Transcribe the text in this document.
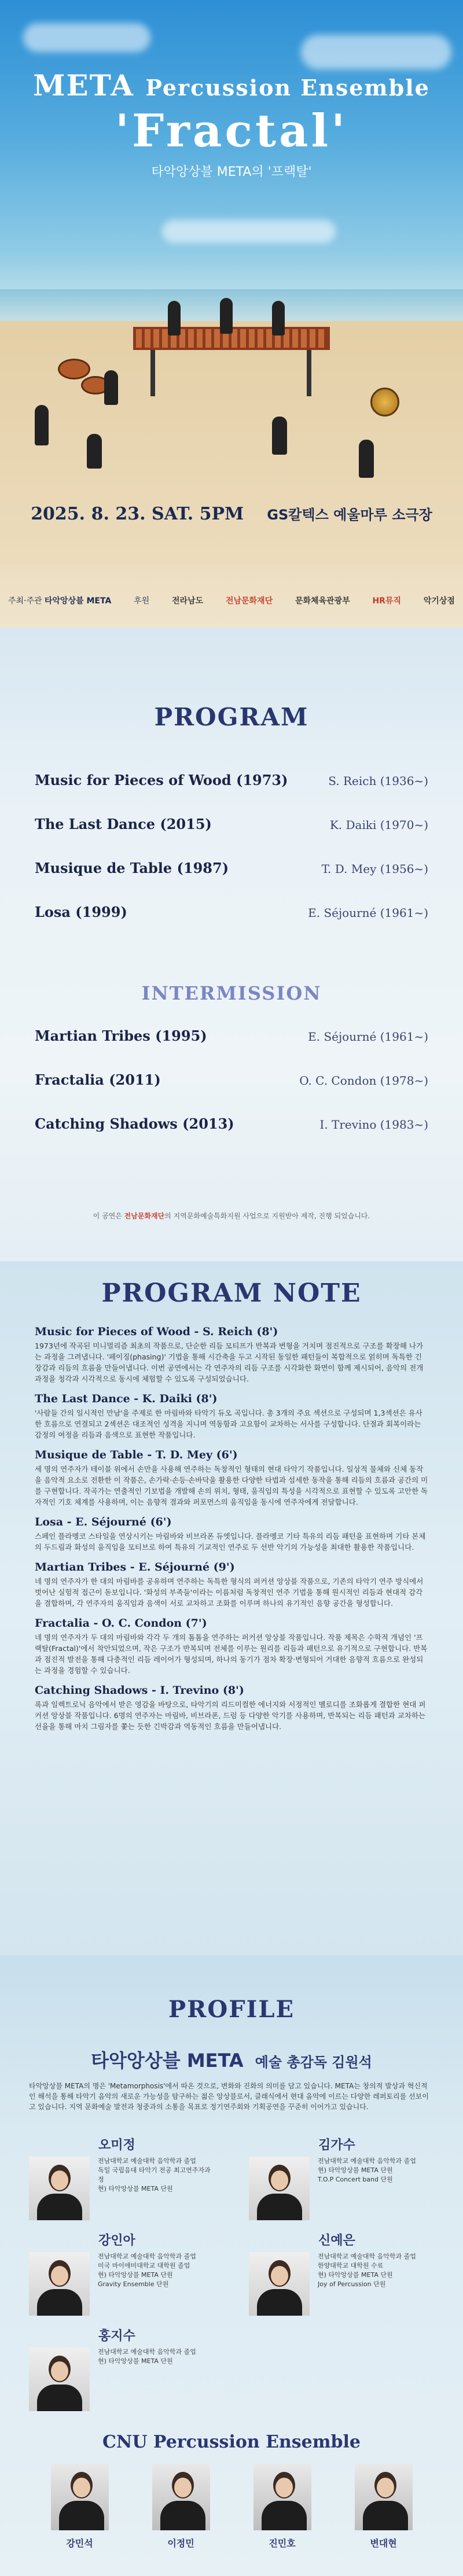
META Percussion Ensemble
'Fractal'
타악앙상블 META의 '프랙탈'
2025. 8. 23. SAT. 5PM GS칼텍스 예울마루 소극장
주최·주관 타악앙상블 META	후원	전라남도	전남문화재단	문화체육관광부	HR뮤직	악기상점
PROGRAM
Music for Pieces of Wood (1973)	S. Reich (1936~)
The Last Dance (2015)	K. Daiki (1970~)
Musique de Table (1987)	T. D. Mey (1956~)
Losa (1999)	E. Séjourné (1961~)
INTERMISSION
Martian Tribes (1995)	E. Séjourné (1961~)
Fractalia (2011)	O. C. Condon (1978~)
Catching Shadows (2013)	I. Trevino (1983~)
이 공연은 전남문화재단의 지역문화예술특화지원 사업으로 지원받아 제작, 진행 되었습니다.
PROGRAM NOTE
Music for Pieces of Wood - S. Reich (8')

1973년에 작곡된 미니멀리즘 최초의 작품으로, 단순한 리듬 모티프가 반복과 변형을 거치며 점진적으로 구조를 확장해 나가는 과정을 그려냅니다. '페이징(phasing)' 기법을 통해 시간축을 두고 시작된 동일한 패턴들이 복합적으로 얽히며 독특한 긴장감과 리듬의 흐름을 만들어냅니다. 이번 공연에서는 각 연주자의 리듬 구조를 시각화한 화면이 함께 제시되어, 음악의 전개 과정을 청각과 시각적으로 동시에 체험할 수 있도록 구성되었습니다.

The Last Dance - K. Daiki (8')

'사람들 간의 일시적인 만남'을 주제로 한 마림바와 타악기 듀오 곡입니다. 총 3개의 주요 섹션으로 구성되며 1,3섹션은 유사한 흐름으로 연결되고 2섹션은 대조적인 성격을 지니며 역동함과 고요함이 교차하는 서사를 구성합니다. 단절과 회복이라는 감정의 여정을 리듬과 음색으로 표현한 작품입니다.

Musique de Table - T. D. Mey (6')

세 명의 연주자가 테이블 위에서 손만을 사용해 연주하는 독창적인 형태의 현대 타악기 작품입니다. 일상적 물체와 신체 동작을 음악적 요소로 전환한 이 작품은, 손가락·손등·손바닥을 활용한 다양한 타법과 섬세한 동작을 통해 리듬의 흐름과 공간의 미를 구현합니다. 작곡가는 연출적인 기보법을 개발해 손의 위치, 형태, 움직임의 특성을 시각적으로 표현할 수 있도록 고안한 독자적인 기호 체계를 사용하며, 이는 음향적 결과와 퍼포먼스의 움직임을 동시에 연주자에게 전달합니다.

Losa - E. Séjourné (6')

스페인 플라멩코 스타일을 연상시키는 마림바와 비브라폰 듀엣입니다. 플라멩코 기타 특유의 리듬 패턴을 표현하며 기타 본체의 두드림과 화성의 움직임을 모티브로 하여 특유의 기교적인 연주로 두 선반 악기의 가능성을 최대한 활용한 작품입니다.

Martian Tribes - E. Séjourné (9')

네 명의 연주자가 한 대의 마림바를 공유하며 연주하는 독특한 형식의 퍼커션 앙상블 작품으로, 기존의 타악기 연주 방식에서 벗어난 실험적 접근이 돋보입니다. '화성의 부족들'이라는 이름처럼 독창적인 연주 기법을 통해 원시적인 리듬과 현대적 감각을 결합하며, 각 연주자의 움직임과 음색이 서로 교차하고 조화를 이루며 하나의 유기적인 음향 공간을 형성합니다.

Fractalia - O. C. Condon (7')

네 명의 연주자가 두 대의 마림바와 각각 두 개의 톰톰을 연주하는 퍼커션 앙상블 작품입니다. 작품 제목은 수학적 개념인 '프랙탈(Fractal)'에서 착안되었으며, 작은 구조가 반복되며 전체를 이루는 원리를 리듬과 패턴으로 유기적으로 구현합니다. 반복과 점진적 발전을 통해 다층적인 리듬 레이어가 형성되며, 하나의 동기가 점차 확장·변형되어 거대한 음향적 흐름으로 완성되는 과정을 경험할 수 있습니다.

Catching Shadows - I. Trevino (8')

록과 일렉트로닉 음악에서 받은 영감을 바탕으로, 타악기의 리드미컬한 에너지와 서정적인 멜로디를 조화롭게 결합한 현대 퍼커션 앙상블 작품입니다. 6명의 연주자는 마림바, 비브라폰, 드럼 등 다양한 악기를 사용하며, 반복되는 리듬 패턴과 교차하는 선율을 통해 마치 그림자를 쫓는 듯한 긴박감과 역동적인 흐름을 만들어냅니다.

PROFILE
타악앙상블 META 예술 총감독 김원석

타악앙상블 META의 명은 'Metamorphosis'에서 따온 것으로, 변화와 진화의 의미를 담고 있습니다. META는 창의적 발상과 혁신적인 해석을 통해 타악기 음악의 새로운 가능성을 탐구하는 젊은 앙상블로서, 클래식에서 현대 음악에 이르는 다양한 레퍼토리를 선보이고 있습니다. 지역 문화예술 발전과 청중과의 소통을 목표로 정기연주회와 기획공연을 꾸준히 이어가고 있습니다.

오미정
전남대학교 예술대학 음악학과 졸업
독일 국립음대 타악기 전공 최고연주자과정
현) 타악앙상블 META 단원
김가수
전남대학교 예술대학 음악학과 졸업
현) 타악앙상블 META 단원
T.O.P Concert band 단원
강인아
전남대학교 예술대학 음악학과 졸업
미국 마이애미대학교 대학원 졸업
현) 타악앙상블 META 단원
Gravity Ensemble 단원
신예은
전남대학교 예술대학 음악학과 졸업
한양대학교 대학원 수료
현) 타악앙상블 META 단원
Joy of Percussion 단원
홍지수
전남대학교 예술대학 음악학과 졸업
현) 타악앙상블 META 단원
CNU Percussion Ensemble
강민석	이정민	진민호	변대현
